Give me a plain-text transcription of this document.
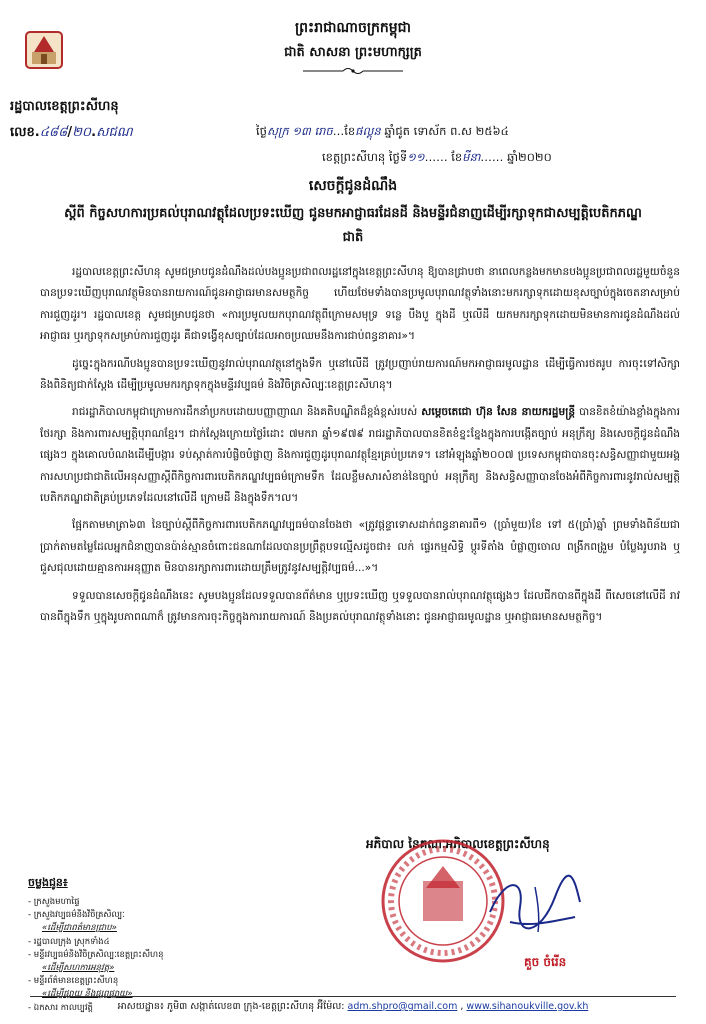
ព្រះរាជាណាចក្រកម្ពុជា
ជាតិ សាសនា ព្រះមហាក្សត្រ
រដ្ឋបាលខេត្តព្រះសីហនុ
លេខ.៤៨៨/២០.សជណ	ថ្ងៃសុក្រ ១៣ រោច…ខែផល្គុន ឆ្នាំជូត ទោស័ក ព.ស ២៥៦៤
ខេត្តព្រះសីហនុ ថ្ងៃទី១១…… ខែមីនា…… ឆ្នាំ២០២០
សេចក្តីជូនដំណឹង
ស្តីពី កិច្ចសហការប្រគល់បុរាណវត្ថុដែលប្រទះឃើញ ជូនមកអាជ្ញាធរដែនដី និងមន្ទីរជំនាញដើម្បីរក្សាទុកជាសម្បត្តិបេតិកភណ្ឌជាតិ

រដ្ឋបាលខេត្តព្រះសីហនុ សូមជម្រាបជូនដំណឹងដល់បងប្អូនប្រជាពលរដ្ឋនៅក្នុងខេត្តព្រះសីហនុ ឱ្យបានជ្រាបថា នាពេលកន្លងមកមានបងប្អូនប្រជាពលរដ្ឋមួយចំនួនបានប្រទះឃើញបុរាណវត្ថុមិនបានរាយការណ៍ជូនអាជ្ញាធរមានសមត្ថកិច្ច ហើយថែមទាំងបានប្រមូលបុរាណវត្ថុទាំងនោះមករក្សាទុកដោយខុសច្បាប់ក្នុងចេតនាសម្រាប់ការជួញដូរ។ រដ្ឋបាលខេត្ត សូមជម្រាបជូនថា «ការប្រមូលយកបុរាណវត្ថុពីក្រោមសមុទ្រ ទន្លេ បឹងបួ ក្នុងដី ឬលើដី យកមករក្សាទុកដោយមិនមានការជូនដំណឹងដល់អាជ្ញាធរ ឬរក្សាទុកសម្រាប់ការជួញដូរ គឺជាទង្វើខុសច្បាប់ដែលអាចប្រឈមនឹងការជាប់ពន្ធនាគារ»។

ដូច្នេះក្នុងករណីបងប្អូនបានប្រទះឃើញនូវរាល់បុរាណវត្ថុនៅក្នុងទឹក ឬនៅលើដី ត្រូវប្រញាប់រាយការណ៍មកអាជ្ញាធរមូលដ្ឋាន ដើម្បីធ្វើការថតរូប ការចុះទៅសិក្សា និងពិនិត្យជាក់ស្តែង ដើម្បីប្រមូលមករក្សាទុកក្នុងមន្ទីរវប្បធម៌ និងវិចិត្រសិល្បៈខេត្តព្រះសីហនុ។

រាជរដ្ឋាភិបាលកម្ពុជាក្រោមការដឹកនាំប្រកបដោយបញ្ញាញាណ និងគតិបណ្ឌិតដ៏ខ្ពង់ខ្ពស់របស់ សម្តេចតេជោ ហ៊ុន សែន នាយករដ្ឋមន្ត្រី បានខិតខំយ៉ាងខ្លាំងក្នុងការថែរក្សា និងការពារសម្បត្តិបុរាណខ្មែរ។ ជាក់ស្តែងក្រោយថ្ងៃរំដោះ ៧មករា ឆ្នាំ១៩៧៩ រាជរដ្ឋាភិបាលបានខិតខំខ្នះខ្នែងក្នុងការបង្កើតច្បាប់ អនុក្រឹត្យ និងសេចក្តីជូនដំណឹងផ្សេងៗ ក្នុងគោលបំណងដើម្បីបង្ការ ទប់ស្កាត់ការបំផ្លិចបំផ្លាញ និងការជួញដូរបុរាណវត្ថុខ្មែរគ្រប់ប្រភេទ។ នៅអំឡុងឆ្នាំ២០០៧ ប្រទេសកម្ពុជាបានចុះសន្ធិសញ្ញាជាមួយអង្គការសហប្រជាជាតិលើអនុសញ្ញាស្តីពីកិច្ចការពារបេតិកភណ្ឌវប្បធម៌ក្រោមទឹក ដែលខ្លឹមសារសំខាន់នៃច្បាប់ អនុក្រឹត្យ និងសន្ធិសញ្ញាបានចែងអំពីកិច្ចការពារនូវរាល់សម្បត្តិបេតិកភណ្ឌជាតិគ្រប់ប្រភេទដែលនៅលើដី ក្រោមដី និងក្នុងទឹក។ល។

ផ្អែកតាមមាត្រា៦៣ នៃច្បាប់ស្តីពីកិច្ចការពារបេតិកភណ្ឌវប្បធម៌បានចែងថា «ត្រូវផ្តន្ទាទោសដាក់ពន្ធនាគារពី១ (ប្រាំមួយ)ខែ ទៅ ៥(ប្រាំ)ឆ្នាំ ព្រមទាំងពិន័យជាប្រាក់តាមតម្លៃដែលអ្នកជំនាញបានប៉ាន់ស្មានចំពោះជនណាដែលបានប្រព្រឹត្តបទល្មើសដូចជា៖ លក់ ផ្ទេរកម្មសិទ្ធិ ប្តូរទីតាំង បំផ្លាញចោល ពង្រីកពង្រួម បំប្លែងរូបរាង ឬជួសជុលដោយគ្មានការអនុញ្ញាត មិនបានរក្សាការពារដោយត្រឹមត្រូវនូវសម្បត្តិវប្បធម៌...»។

ទទួលបានសេចក្តីជូនដំណឹងនេះ សូមបងប្អូនដែលទទួលបានព័ត៌មាន ឬប្រទះឃើញ ឬទទួលបានរាល់បុរាណវត្ថុផ្សេងៗ ដែលជីកបានពីក្នុងដី ពីសេចនៅលើដី រាវបានពីក្នុងទឹក ឬក្នុងរូបភាពណាក៏ ត្រូវមានការចុះកិច្ចក្នុងការរាយការណ៍ និងប្រគល់បុរាណវត្ថុទាំងនោះ ជូនអាជ្ញាធរមូលដ្ឋាន ឬអាជ្ញាធរមានសមត្ថកិច្ច។

អភិបាល នៃគណៈអភិបាលខេត្តព្រះសីហនុ
គួច ចំរើន
ចម្លងជូន៖
- ក្រសួងមហាផ្ទៃ
- ក្រសួងវប្បធម៌និងវិចិត្រសិល្បៈ
«ដើម្បីជាពត៌មានជ្រាប»
- រដ្ឋបាលក្រុង ស្រុកទាំង៤
- មន្ទីរវប្បធម៌និងវិចិត្រសិល្បៈខេត្តព្រះសីហនុ
«ដើម្បីសហការអនុវត្ត»
- មន្ទីរព័ត៌មានខេត្តព្រះសីហនុ
«ដើម្បីផ្សាយ និងផ្សព្វផ្សាយ»
- ឯកសារ កាលប្បវត្តិ	អាសយដ្ឋាន៖ ភូមិ៣ សង្កាត់លេខ៣ ក្រុង-ខេត្តព្រះសីហនុ អ៊ីម៉ែល: adm.shpro@gmail.com , www.sihanoukville.gov.kh
